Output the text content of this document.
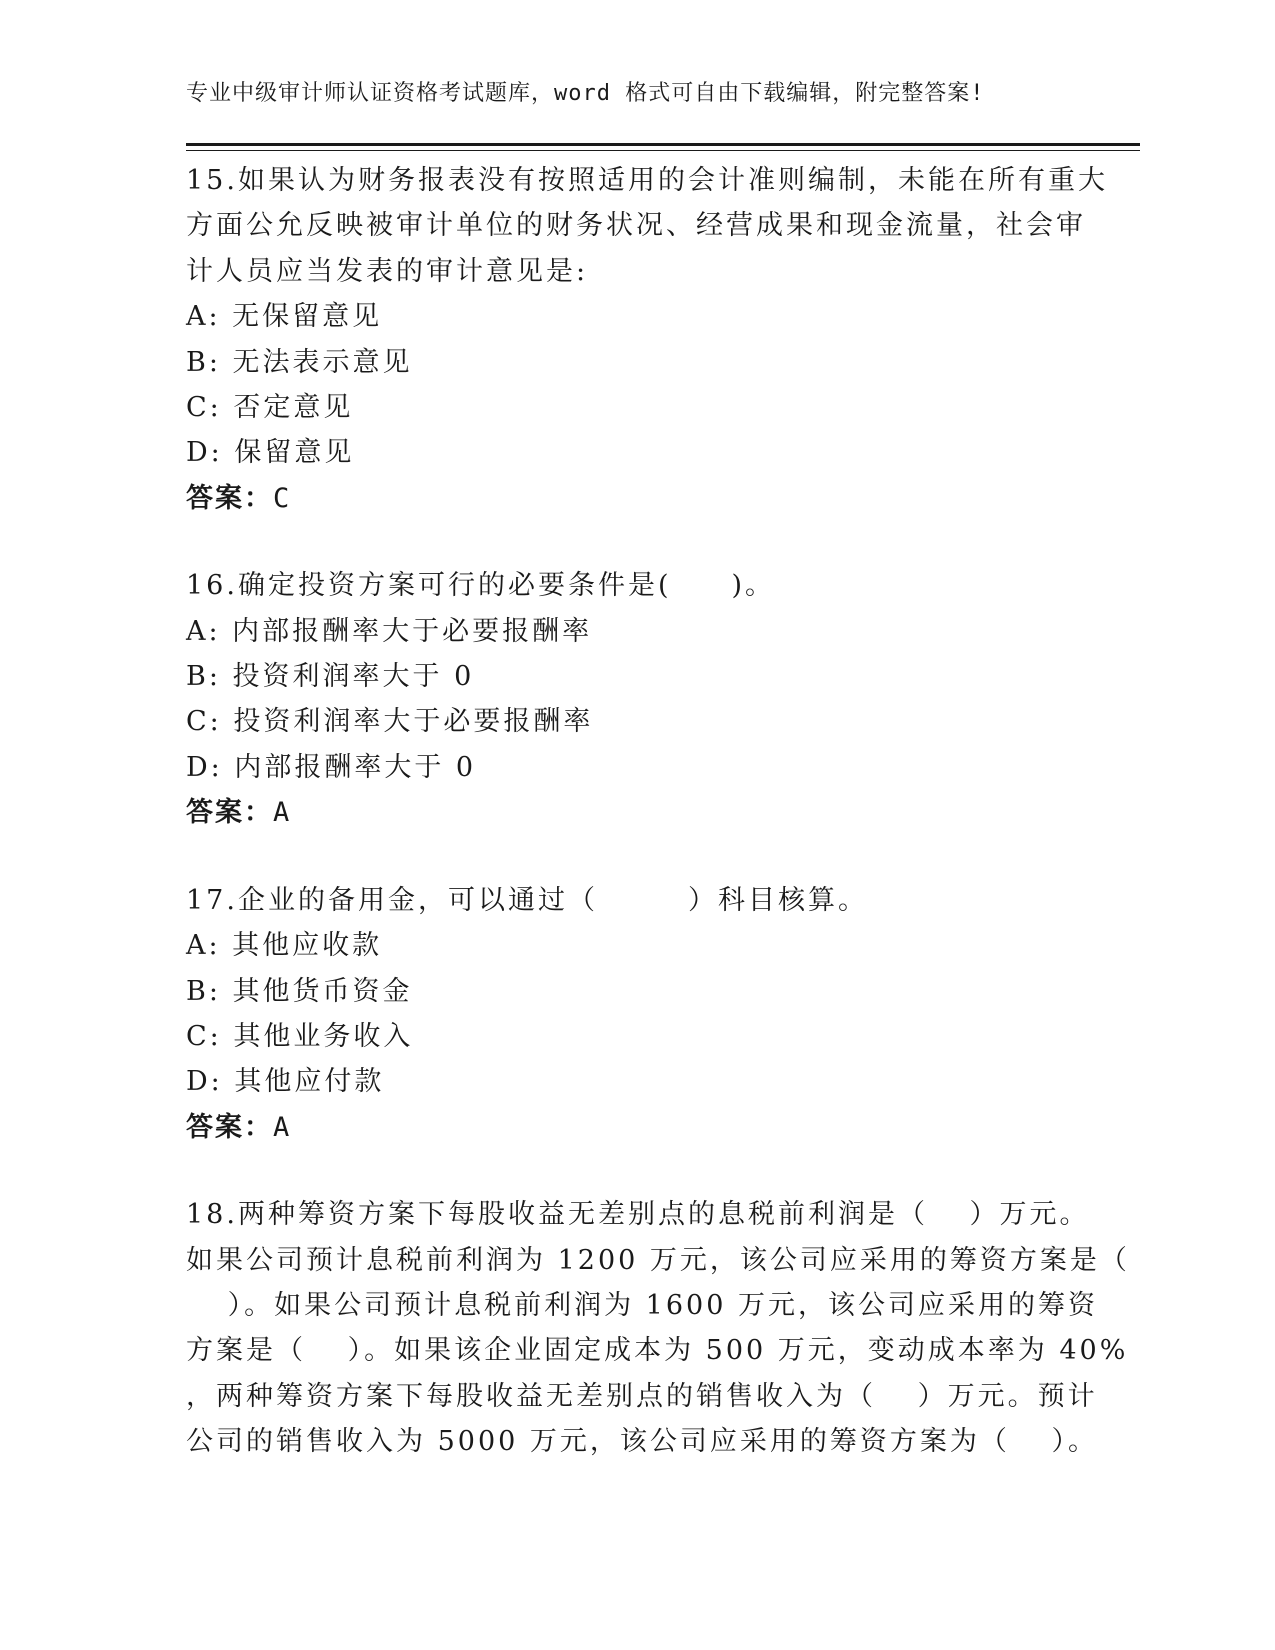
专业中级审计师认证资格考试题库，word 格式可自由下载编辑，附完整答案!
15.如果认为财务报表没有按照适用的会计准则编制，未能在所有重大
方面公允反映被审计单位的财务状况、经营成果和现金流量，社会审
计人员应当发表的审计意见是:
A: 无保留意见
B: 无法表示意见
C: 否定意见
D: 保留意见
答案：C
16.确定投资方案可行的必要条件是(　　)。
A: 内部报酬率大于必要报酬率
B: 投资利润率大于 0
C: 投资利润率大于必要报酬率
D: 内部报酬率大于 0
答案：A
17.企业的备用金，可以通过（　　　）科目核算。
A: 其他应收款
B: 其他货币资金
C: 其他业务收入
D: 其他应付款
答案：A
18.两种筹资方案下每股收益无差别点的息税前利润是（　 ）万元。
如果公司预计息税前利润为 1200 万元，该公司应采用的筹资方案是（
　 ）。如果公司预计息税前利润为 1600 万元，该公司应采用的筹资
方案是（　 ）。如果该企业固定成本为 500 万元，变动成本率为 40%
，两种筹资方案下每股收益无差别点的销售收入为（　 ）万元。预计
公司的销售收入为 5000 万元，该公司应采用的筹资方案为（　 ）。
